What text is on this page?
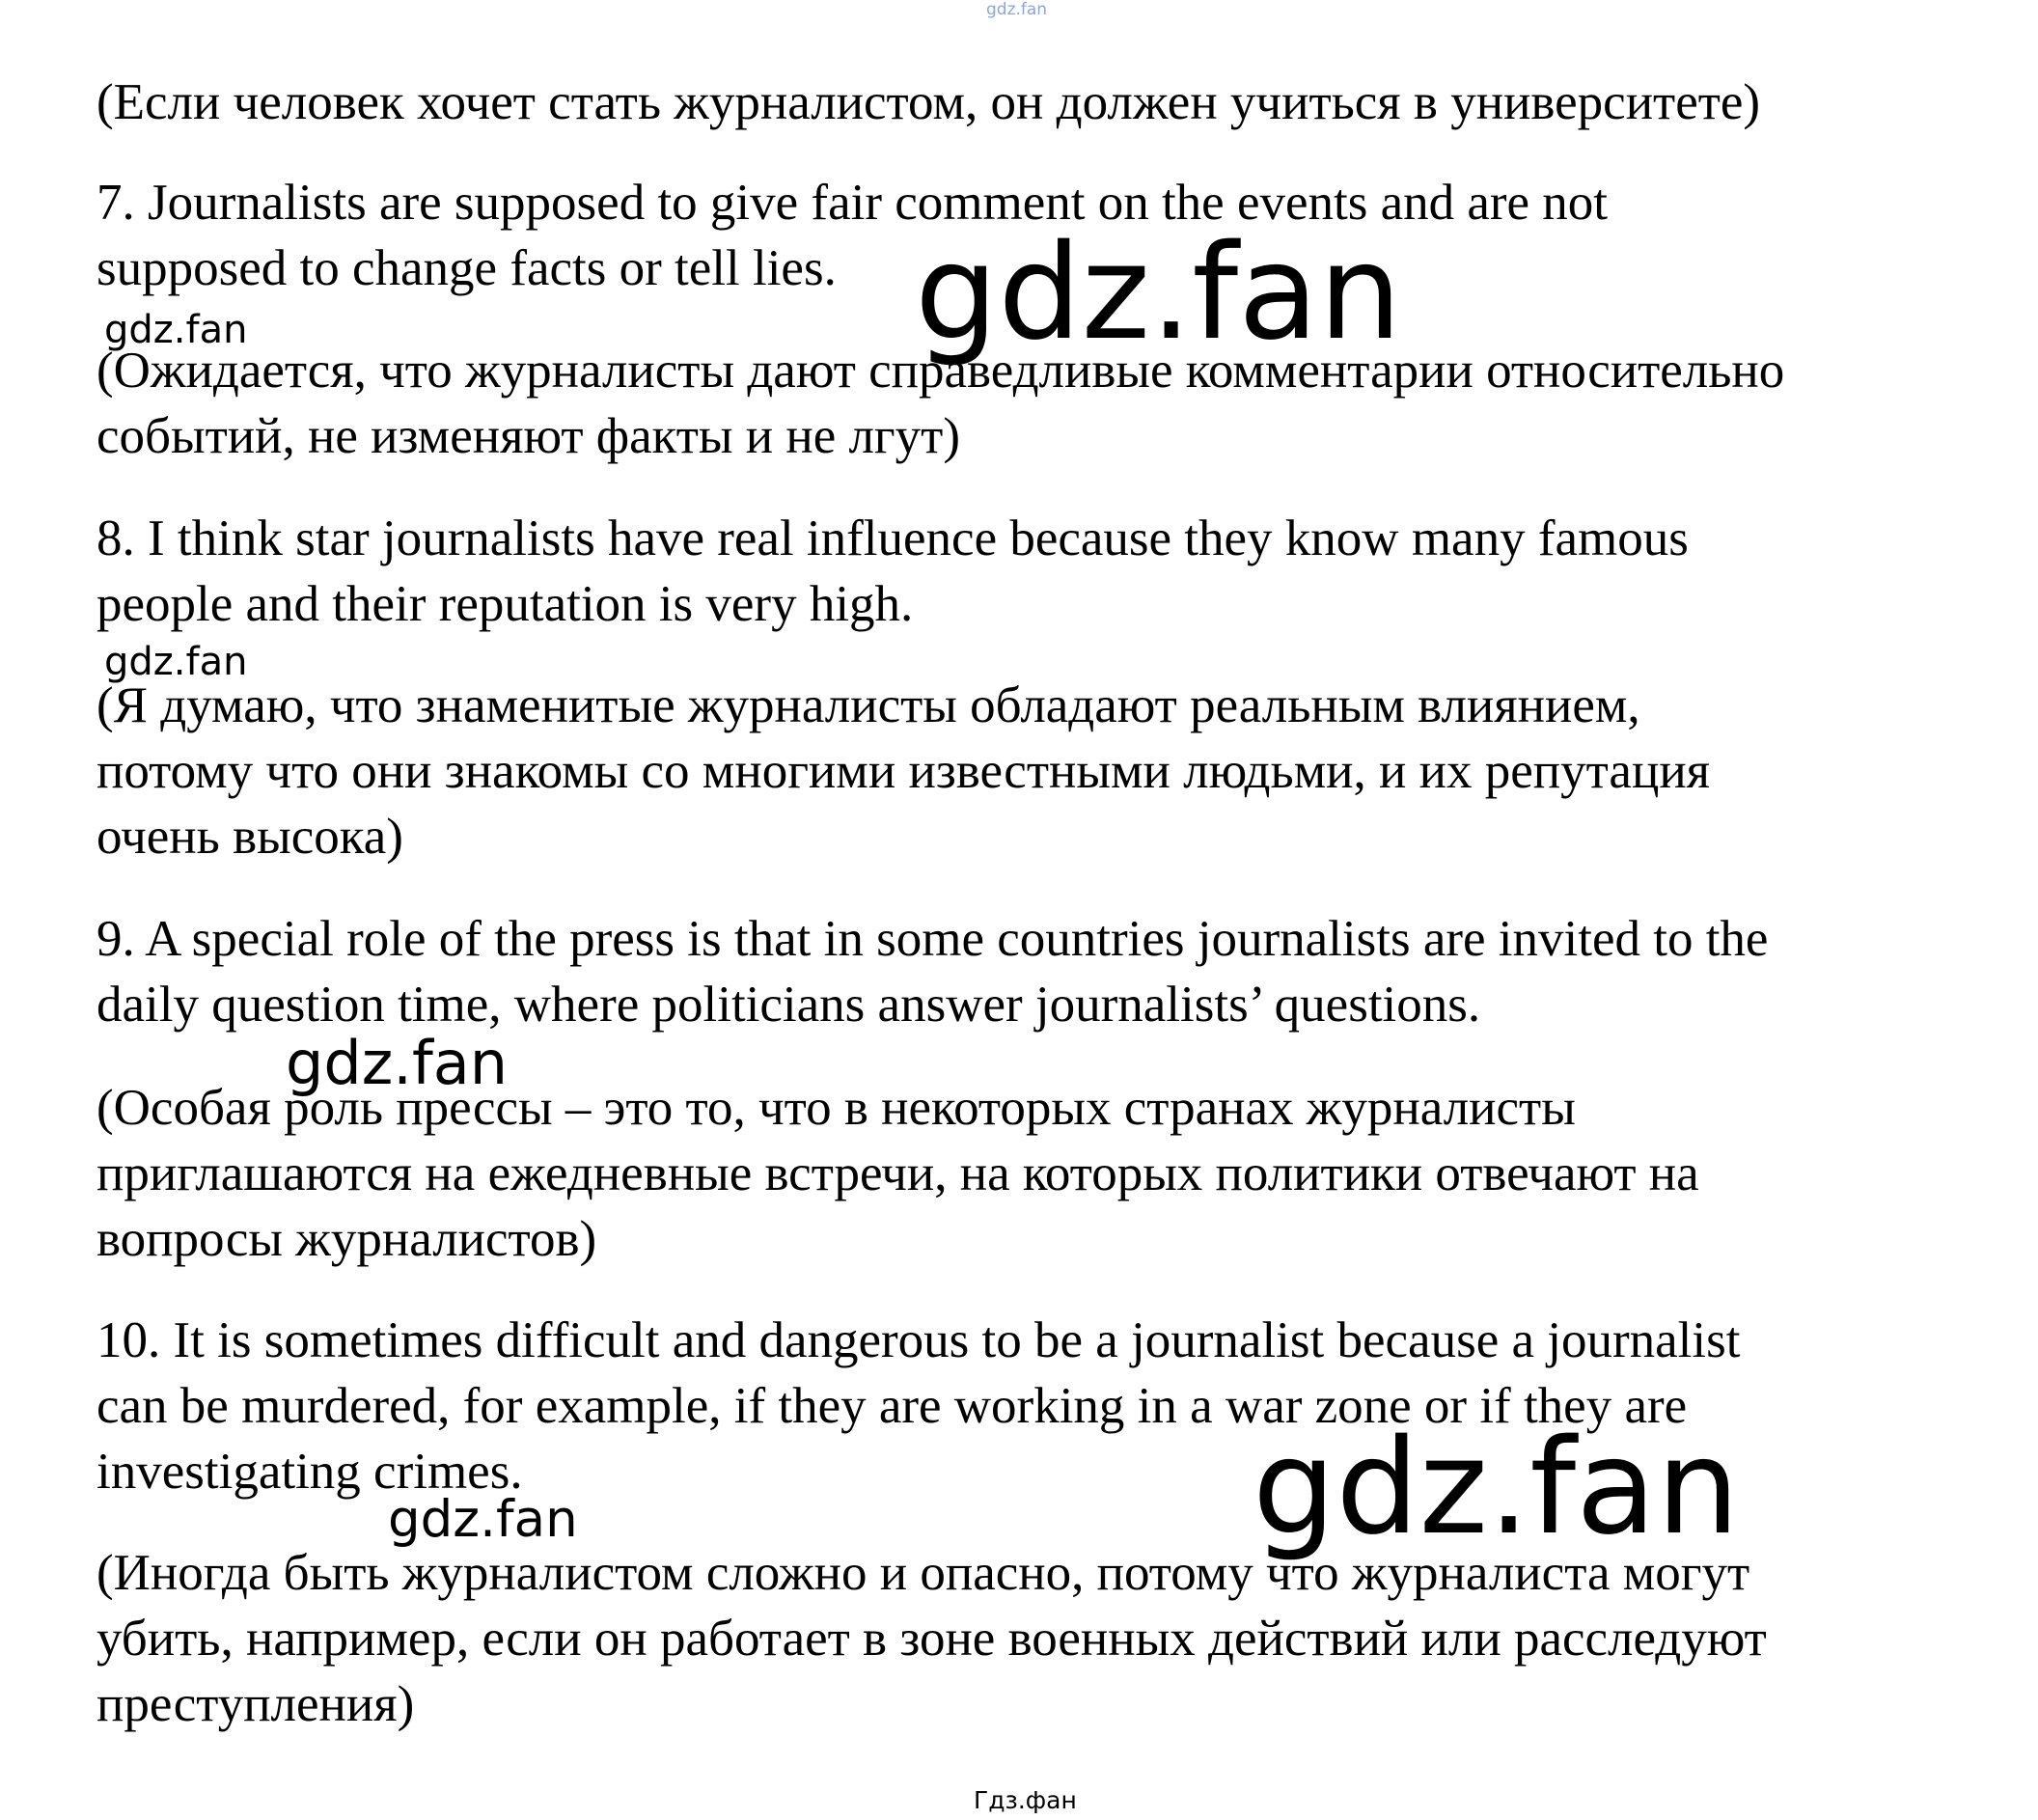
gdz.fan
(Если человек хочет стать журналистом, он должен учиться в университете)
7. Journalists are supposed to give fair comment on the events and are not
supposed to change facts or tell lies.
gdz.fan	gdz.fan
(Ожидается, что журналисты дают справедливые комментарии относительно
событий, не изменяют факты и не лгут)
8. I think star journalists have real influence because they know many famous
people and their reputation is very high.
gdz.fan
(Я думаю, что знаменитые журналисты обладают реальным влиянием,
потому что они знакомы со многими известными людьми, и их репутация
очень высока)
9. A special role of the press is that in some countries journalists are invited to the
daily question time, where politicians answer journalists’ questions.
gdz.fan
(Особая роль прессы – это то, что в некоторых странах журналисты
приглашаются на ежедневные встречи, на которых политики отвечают на
вопросы журналистов)
10. It is sometimes difficult and dangerous to be a journalist because a journalist
can be murdered, for example, if they are working in a war zone or if they are
investigating crimes.	gdz.fan
gdz.fan
(Иногда быть журналистом сложно и опасно, потому что журналиста могут
убить, например, если он работает в зоне военных действий или расследуют
преступления)
Гдз.фан
